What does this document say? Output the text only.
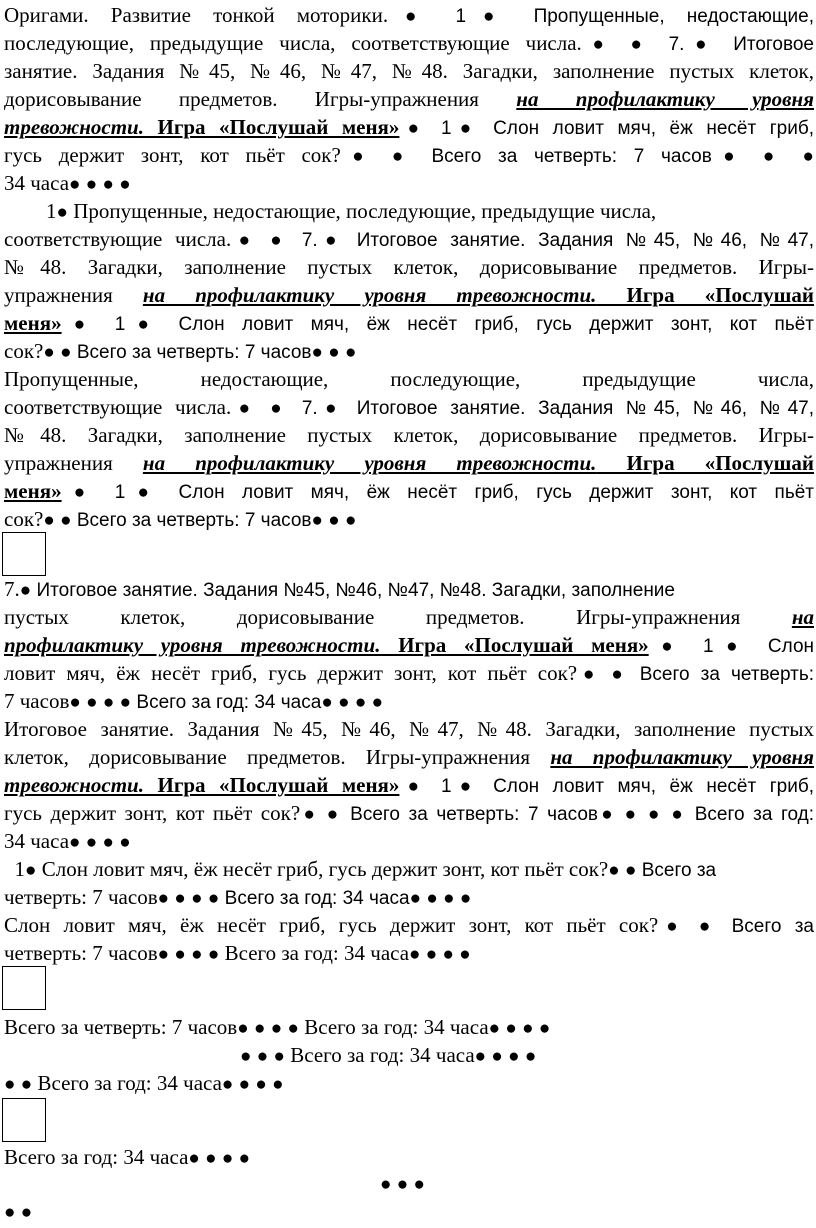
Оригами. Развитие тонкой моторики.● 1● Пропущенные, недостающие,
последующие, предыдущие числа, соответствующие числа.● ● 7.● Итоговое
занятие. Задания №45, №46, №47, №48. Загадки, заполнение пустых клеток,
дорисовывание предметов. Игры-упражнения на профилактику уровня
тревожности. Игра «Послушай меня»● 1● Слон ловит мяч, ёж несёт гриб,
гусь держит зонт, кот пьёт сок?● ● Всего за четверть: 7 часов● ● ●
34 часа● ● ● ●
1● Пропущенные, недостающие, последующие, предыдущие числа,
соответствующие числа.● ● 7.● Итоговое занятие. Задания №45, №46, №47,
№48. Загадки, заполнение пустых клеток, дорисовывание предметов. Игры-
упражнения на профилактику уровня тревожности. Игра «Послушай
меня»● 1● Слон ловит мяч, ёж несёт гриб, гусь держит зонт, кот пьёт
сок?● ● Всего за четверть: 7 часов● ● ●
Пропущенные, недостающие, последующие, предыдущие числа,
соответствующие числа.● ● 7.● Итоговое занятие. Задания №45, №46, №47,
№48. Загадки, заполнение пустых клеток, дорисовывание предметов. Игры-
упражнения на профилактику уровня тревожности. Игра «Послушай
меня»● 1● Слон ловит мяч, ёж несёт гриб, гусь держит зонт, кот пьёт
сок?● ● Всего за четверть: 7 часов● ● ●
7.● Итоговое занятие. Задания №45, №46, №47, №48. Загадки, заполнение
пустых клеток, дорисовывание предметов. Игры-упражнения на
профилактику уровня тревожности. Игра «Послушай меня»● 1● Слон
ловит мяч, ёж несёт гриб, гусь держит зонт, кот пьёт сок?● ● Всего за четверть:
7 часов● ● ● ● Всего за год: 34 часа● ● ● ●
Итоговое занятие. Задания №45, №46, №47, №48. Загадки, заполнение пустых
клеток, дорисовывание предметов. Игры-упражнения на профилактику уровня
тревожности. Игра «Послушай меня»● 1● Слон ловит мяч, ёж несёт гриб,
гусь держит зонт, кот пьёт сок?● ● Всего за четверть: 7 часов● ● ● ● Всего за год:
34 часа● ● ● ●
1● Слон ловит мяч, ёж несёт гриб, гусь держит зонт, кот пьёт сок?● ● Всего за
четверть: 7 часов● ● ● ● Всего за год: 34 часа● ● ● ●
Слон ловит мяч, ёж несёт гриб, гусь держит зонт, кот пьёт сок?● ● Всего за
четверть: 7 часов● ● ● ● Всего за год: 34 часа● ● ● ●
Всего за четверть: 7 часов● ● ● ● Всего за год: 34 часа● ● ● ●
● ● ● Всего за год: 34 часа● ● ● ●
● ● Всего за год: 34 часа● ● ● ●
Всего за год: 34 часа● ● ● ●
● ● ●
● ●
